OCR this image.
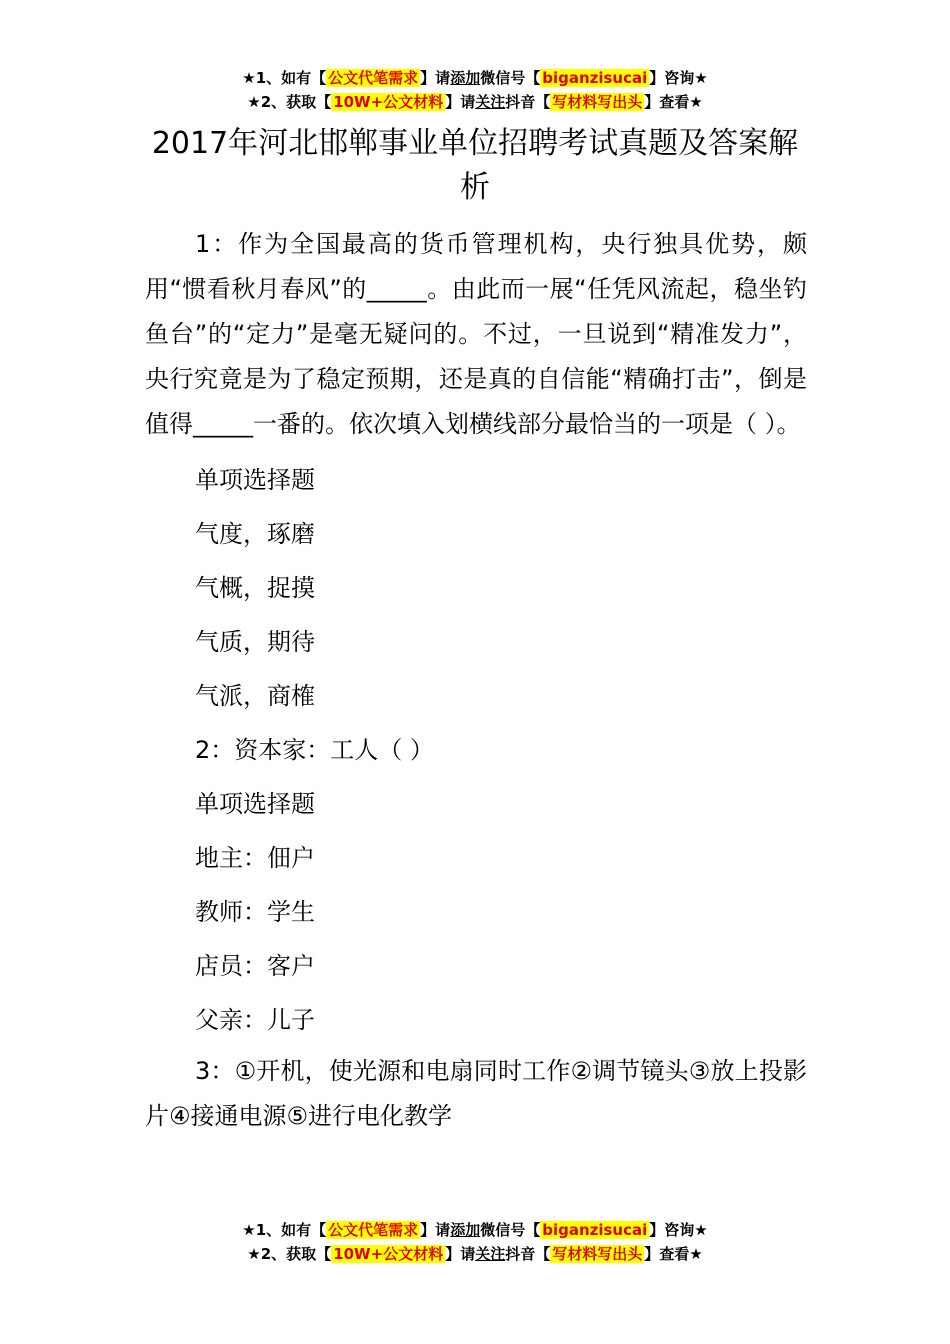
★1、如有【 公文代笔需求 】请添加微信号【 biganzisucai 】咨询★
★2、获取【 10W+公文材料 】请关注抖音【 写材料写出头 】查看★
2017年河北邯郸事业单位招聘考试真题及答案解析

1：作为全国最高的货币管理机构，央行独具优势，颇用“惯看秋月春风”的_____。由此而一展“任凭风流起，稳坐钓鱼台”的“定力”是毫无疑问的。不过，一旦说到“精准发力”，央行究竟是为了稳定预期，还是真的自信能“精确打击”，倒是值得_____一番的。依次填入划横线部分最恰当的一项是（ ）。

单项选择题

气度，琢磨

气概，捉摸

气质，期待

气派，商榷

2：资本家：工人（ ）

单项选择题

地主：佃户

教师：学生

店员：客户

父亲：儿子

3：①开机，使光源和电扇同时工作②调节镜头③放上投影片④接通电源⑤进行电化教学

★1、如有【 公文代笔需求 】请添加微信号【 biganzisucai 】咨询★
★2、获取【 10W+公文材料 】请关注抖音【 写材料写出头 】查看★
